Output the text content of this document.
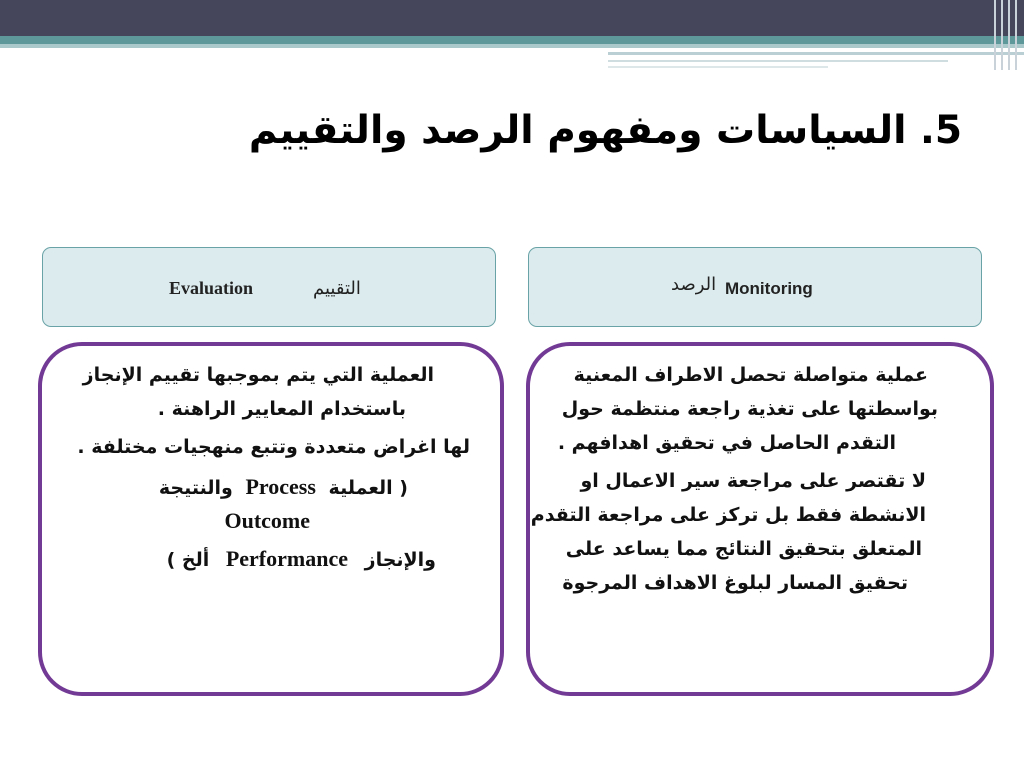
5. السياسات ومفهوم الرصد والتقييم
Evaluation	التقييم	الرصد Monitoring
العملية التي يتم بموجبها تقييم الإنجاز
باستخدام المعايير الراهنة .
لها اغراض متعددة وتتبع منهجيات مختلفة .
( العملية Process والنتيجة
Outcome
والإنجاز Performance ألخ )
عملية متواصلة تحصل الاطراف المعنية
بواسطتها على تغذية راجعة منتظمة حول
التقدم الحاصل في تحقيق اهدافهم .
لا تقتصر على مراجعة سير الاعمال او
الانشطة فقط بل تركز على مراجعة التقدم
المتعلق بتحقيق النتائج مما يساعد على
تحقيق المسار لبلوغ الاهداف المرجوة
